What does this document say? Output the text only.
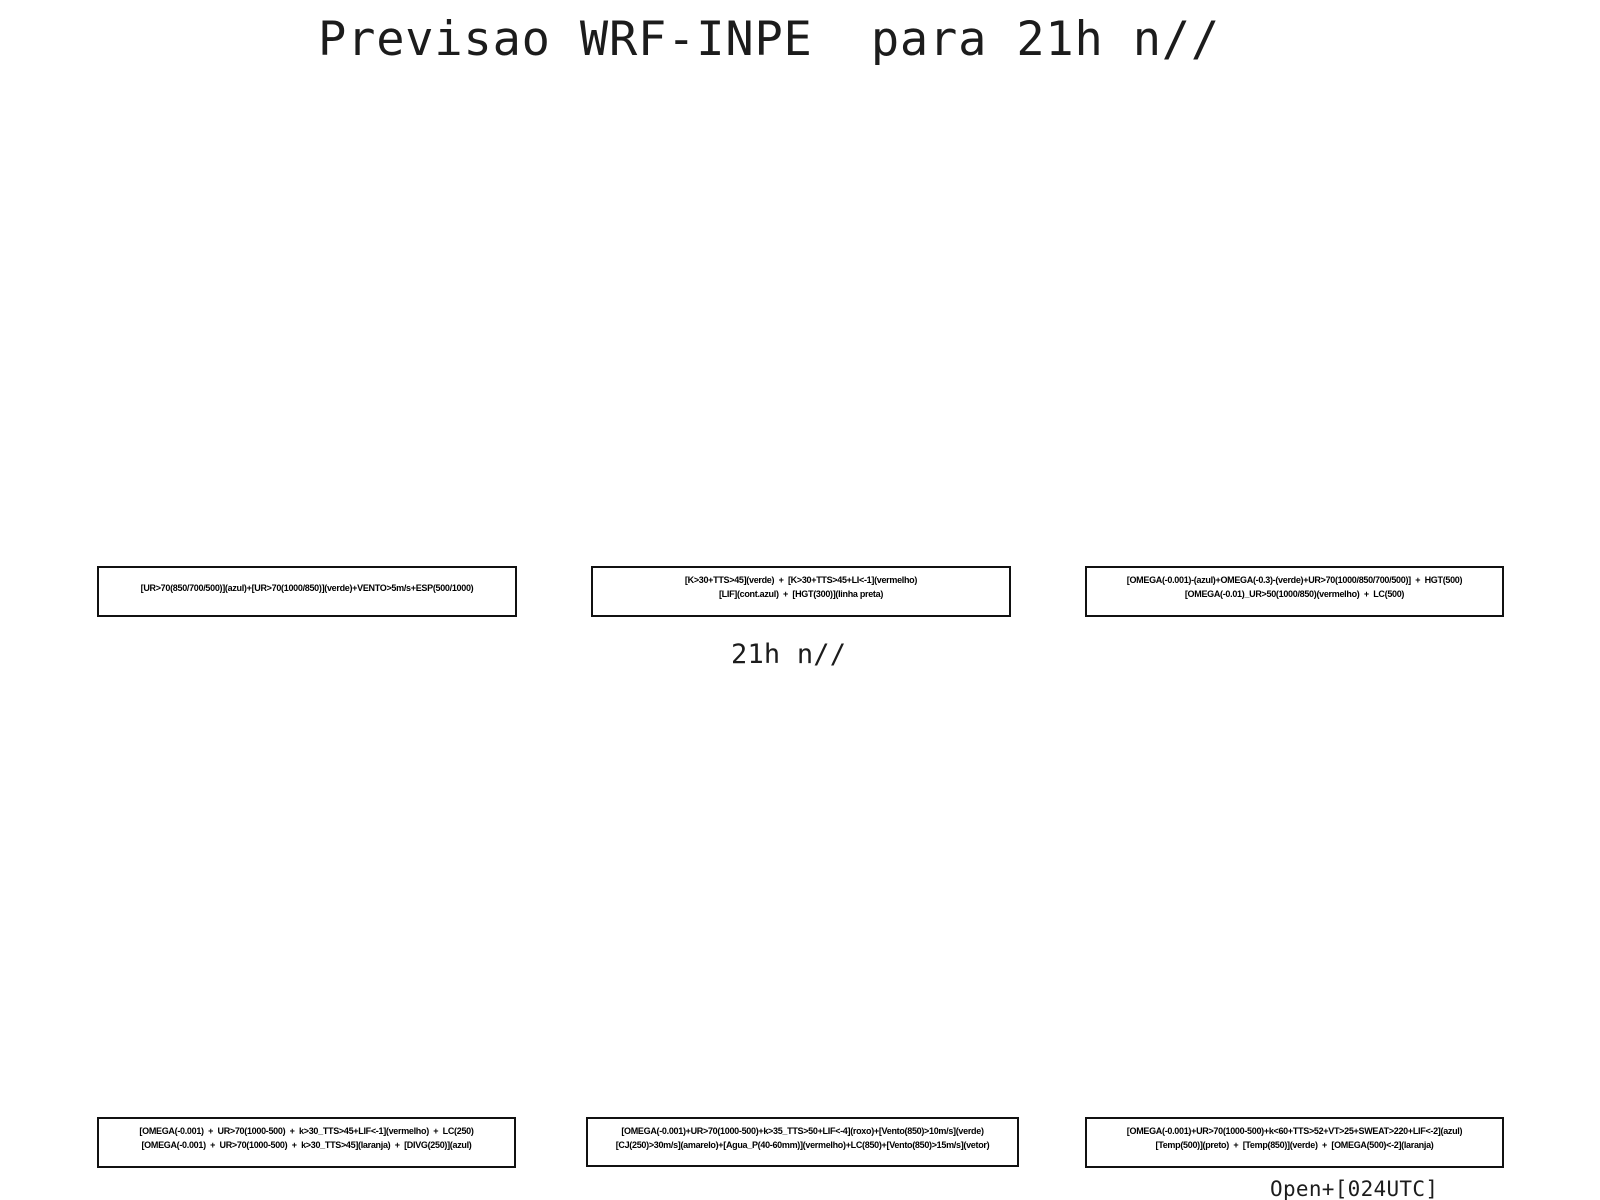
Previsao WRF-INPE  para 21h n//
[UR>70(850/700/500)](azul)+[UR>70(1000/850)](verde)+VENTO>5m/s+ESP(500/1000)
[K>30+TTS>45](verde)  +  [K>30+TTS>45+LI<-1](vermelho)
[LIF](cont.azul)  +  [HGT(300)](linha preta)
[OMEGA(-0.001)-(azul)+OMEGA(-0.3)-(verde)+UR>70(1000/850/700/500)]  +  HGT(500)
[OMEGA(-0.01)_UR>50(1000/850)(vermelho)  +  LC(500)
21h n//
[OMEGA(-0.001)  +  UR>70(1000-500)  +  k>30_TTS>45+LIF<-1](vermelho)  +  LC(250)
[OMEGA(-0.001)  +  UR>70(1000-500)  +  k>30_TTS>45](laranja)  +  [DIVG(250)](azul)
[OMEGA(-0.001)+UR>70(1000-500)+k>35_TTS>50+LIF<-4](roxo)+[Vento(850)>10m/s](verde)
[CJ(250)>30m/s](amarelo)+[Agua_P(40-60mm)](vermelho)+LC(850)+[Vento(850)>15m/s](vetor)
[OMEGA(-0.001)+UR>70(1000-500)+k<60+TTS>52+VT>25+SWEAT>220+LIF<-2](azul)
[Temp(500)](preto)  +  [Temp(850)](verde)  +  [OMEGA(500)<-2](laranja)
Open+[024UTC]
